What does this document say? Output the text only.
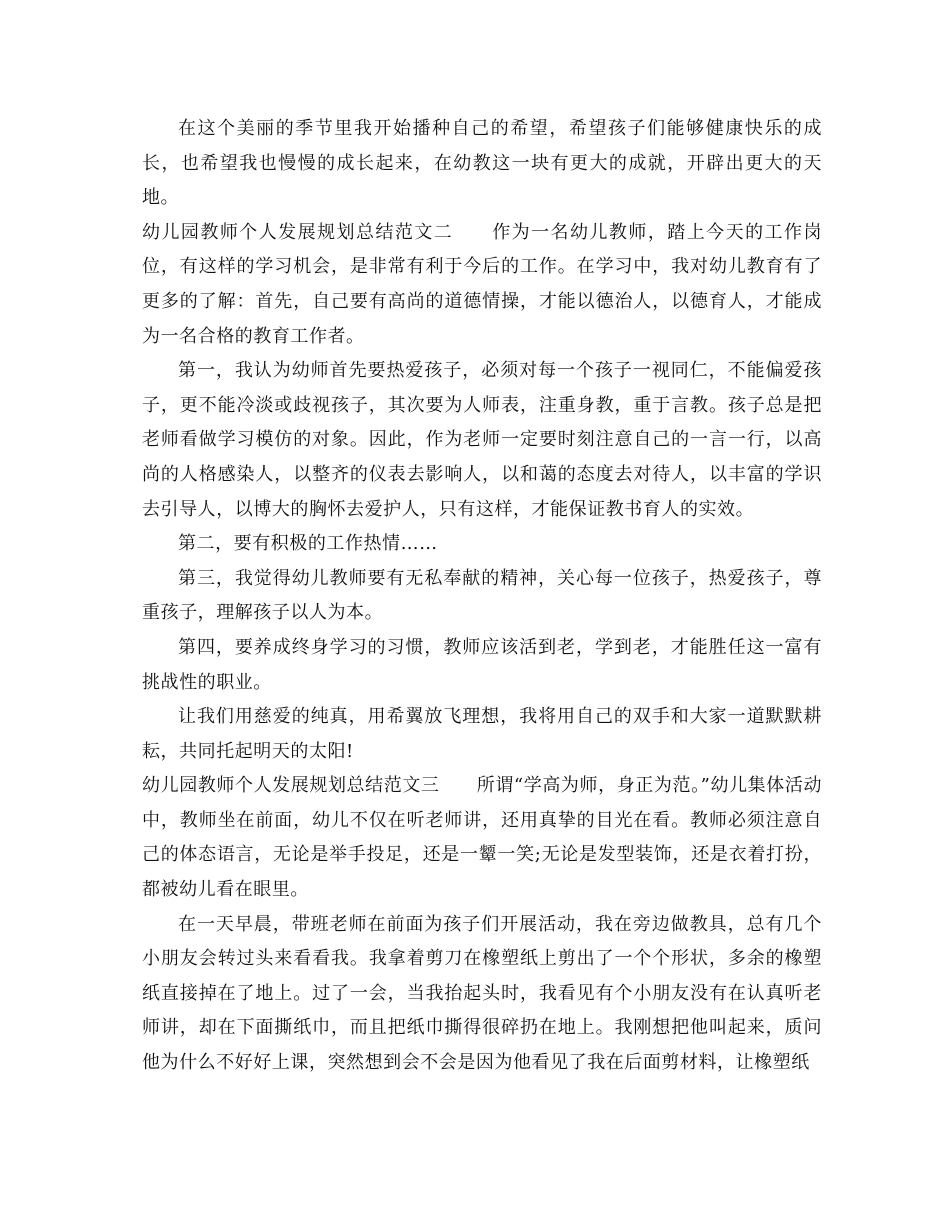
在这个美丽的季节里我开始播种自己的希望，希望孩子们能够健康快乐的成长，也希望我也慢慢的成长起来，在幼教这一块有更大的成就，开辟出更大的天地。

幼儿园教师个人发展规划总结范文二　　 作为一名幼儿教师，踏上今天的工作岗位，有这样的学习机会，是非常有利于今后的工作。在学习中，我对幼儿教育有了更多的了解：首先，自己要有高尚的道德情操，才能以德治人，以德育人，才能成为一名合格的教育工作者。

第一，我认为幼师首先要热爱孩子，必须对每一个孩子一视同仁，不能偏爱孩子，更不能冷淡或歧视孩子，其次要为人师表，注重身教，重于言教。孩子总是把老师看做学习模仿的对象。因此，作为老师一定要时刻注意自己的一言一行，以高尚的人格感染人，以整齐的仪表去影响人，以和蔼的态度去对待人，以丰富的学识去引导人，以博大的胸怀去爱护人，只有这样，才能保证教书育人的实效。

第二，要有积极的工作热情……

第三，我觉得幼儿教师要有无私奉献的精神，关心每一位孩子，热爱孩子，尊重孩子，理解孩子以人为本。

第四，要养成终身学习的习惯，教师应该活到老，学到老，才能胜任这一富有挑战性的职业。

让我们用慈爱的纯真，用希翼放飞理想，我将用自己的双手和大家一道默默耕耘，共同托起明天的太阳!

幼儿园教师个人发展规划总结范文三　　 所谓“学高为师，身正为范。”幼儿集体活动中，教师坐在前面，幼儿不仅在听老师讲，还用真挚的目光在看。教师必须注意自己的体态语言，无论是举手投足，还是一颦一笑;无论是发型装饰，还是衣着打扮，都被幼儿看在眼里。

在一天早晨，带班老师在前面为孩子们开展活动，我在旁边做教具，总有几个小朋友会转过头来看看我。我拿着剪刀在橡塑纸上剪出了一个个形状，多余的橡塑纸直接掉在了地上。过了一会，当我抬起头时，我看见有个小朋友没有在认真听老师讲，却在下面撕纸巾，而且把纸巾撕得很碎扔在地上。我刚想把他叫起来，质问他为什么不好好上课，突然想到会不会是因为他看见了我在后面剪材料，让橡塑纸
